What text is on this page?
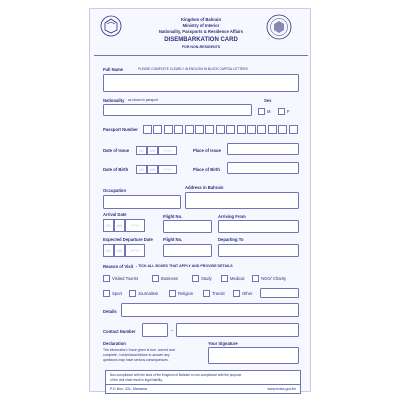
Kingdom of Bahrain
Ministry of Interior
Nationality, Passports & Residence Affairs
DISEMBARKATION CARD
FOR NON-RESIDENTS
Full Name	PLEASE COMPLETE CLEARLY IN ENGLISH IN BLOCK CAPITAL LETTERS
Nationality as shown in passport	Sex
M	F
Passport Number
Date of Issue	DD	MM	YYYY	Place of Issue
Date of Birth	DD	MM	YYYY	Place of Birth
Occupation
Address in Bahrain
Arrival Date
DD	MM	YYYY
Flight No.	Arriving From
Expected Departure Date
DD	MM	YYYY
Flight No.	Departing To
Reason of Visit - TICK ALL BOXES THAT APPLY AND PROVIDE DETAILS
Visited Tourist	Business	Study	Medical	NGO/ Charity
Sport	Journalism	Religion	Transit	Other
Details
Contact Number	–
Declaration
The information I have given is true, correct and
complete. I understand failure to answer any
questions may have serious consequences.
Your Signature
Non-compliance with the laws of the Kingdom of Bahrain or non-compliance with the purpose
of the visit shall result in legal liability.
P.O Box: 331, Manama	www.evisa.gov.bh
